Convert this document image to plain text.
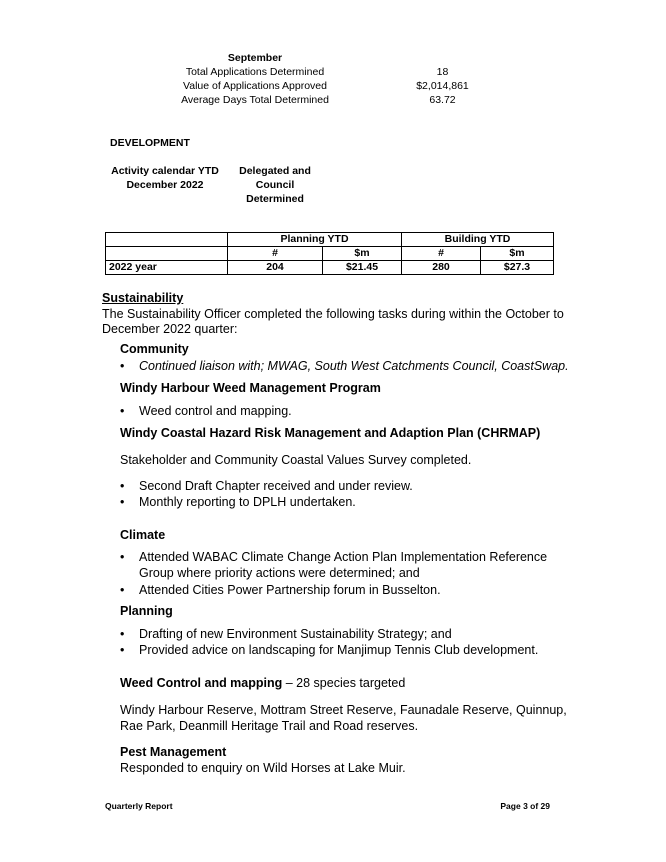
September
Total Applications Determined	18
Value of Applications Approved	$2,014,861
Average Days Total Determined	63.72
DEVELOPMENT
Activity calendar YTD
December 2022
Delegated and
Council
Determined
	Planning YTD		Building YTD	
	#	$m	#	$m
2022 year	204	$21.45	280	$27.3
Sustainability
The Sustainability Officer completed the following tasks during within the October to
December 2022 quarter:
Community
• Continued liaison with; MWAG, South West Catchments Council, CoastSwap.
Windy Harbour Weed Management Program
• Weed control and mapping.
Windy Coastal Hazard Risk Management and Adaption Plan (CHRMAP)
Stakeholder and Community Coastal Values Survey completed.
• Second Draft Chapter received and under review.
• Monthly reporting to DPLH undertaken.
Climate
• Attended WABAC Climate Change Action Plan Implementation Reference
Group where priority actions were determined; and
• Attended Cities Power Partnership forum in Busselton.
Planning
• Drafting of new Environment Sustainability Strategy; and
• Provided advice on landscaping for Manjimup Tennis Club development.
Weed Control and mapping – 28 species targeted
Windy Harbour Reserve, Mottram Street Reserve, Faunadale Reserve, Quinnup,
Rae Park, Deanmill Heritage Trail and Road reserves.
Pest Management
Responded to enquiry on Wild Horses at Lake Muir.
Quarterly Report	Page 3 of 29
